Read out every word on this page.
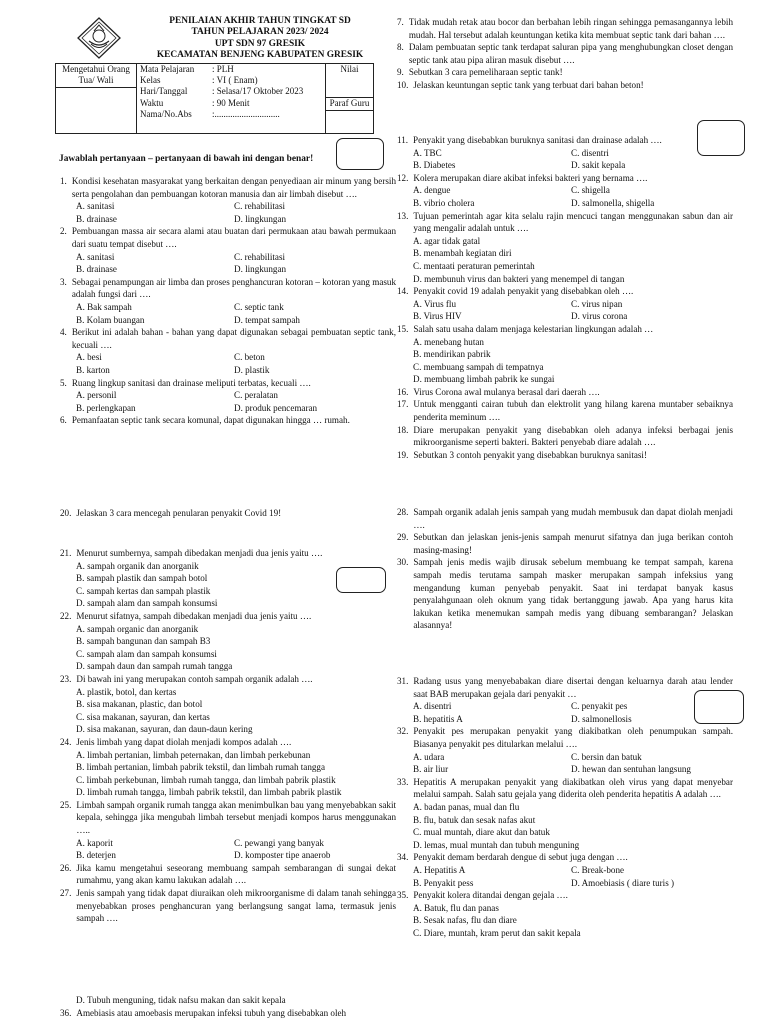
PENILAIAN AKHIR TAHUN TINGKAT SD
TAHUN PELAJARAN 2023/ 2024
UPT SDN 97 GRESIK
KECAMATAN BENJENG KABUPATEN GRESIK
Mengetahui Orang Tua/ Wali

Mata Pelajaran	: PLH
Kelas	: VI ( Enam)
Hari/Tanggal	: Selasa/17 Oktober 2023
Waktu	: 90 Menit
Nama/No.Abs	:.............................

Nilai
Paraf Guru
Jawablah pertanyaan – pertanyaan di bawah ini dengan benar!
1. Kondisi kesehatan masyarakat yang berkaitan dengan penyediaan air minum yang bersih serta pengolahan dan pembuangan kotoran manusia dan air limbah disebut ….
A. sanitasi	C. rehabilitasi
B. drainase	D. lingkungan
2. Pembuangan massa air secara alami atau buatan dari permukaan atau bawah permukaan dari suatu tempat disebut ….
A. sanitasi	C. rehabilitasi
B. drainase	D. lingkungan
3. Sebagai penampungan air limba dan proses penghancuran kotoran – kotoran yang masuk adalah fungsi dari ….
A. Bak sampah	C. septic tank
B. Kolam buangan	D. tempat sampah
4. Berikut ini adalah bahan - bahan yang dapat digunakan sebagai pembuatan septic tank, kecuali ….
A. besi	C. beton
B. karton	D. plastik
5. Ruang lingkup sanitasi dan drainase meliputi terbatas, kecuali ….
A. personil	C. peralatan
B. perlengkapan	D. produk pencemaran
6. Pemanfaatan septic tank secara komunal, dapat digunakan hingga … rumah.
20. Jelaskan 3 cara mencegah penularan penyakit Covid 19!
21. Menurut sumbernya, sampah dibedakan menjadi dua jenis yaitu ….
A. sampah organik dan anorganik
B. sampah plastik dan sampah botol
C. sampah kertas dan sampah plastik
D. sampah alam dan sampah konsumsi
22. Menurut sifatnya, sampah dibedakan menjadi dua jenis yaitu ….
A. sampah organic dan anorganik
B. sampah bangunan dan sampah B3
C. sampah alam dan sampah konsumsi
D. sampah daun dan sampah rumah tangga
23. Di bawah ini yang merupakan contoh sampah organik adalah ….
A. plastik, botol, dan kertas
B. sisa makanan, plastic, dan botol
C. sisa makanan, sayuran, dan kertas
D. sisa makanan, sayuran, dan daun-daun kering
24. Jenis limbah yang dapat diolah menjadi kompos adalah ….
A. limbah pertanian, limbah peternakan, dan limbah perkebunan
B. limbah pertanian, limbah pabrik tekstil, dan limbah rumah tangga
C. limbah perkebunan, limbah rumah tangga, dan limbah pabrik plastik
D. limbah rumah tangga, limbah pabrik tekstil, dan limbah pabrik plastik
25. Limbah sampah organik rumah tangga akan menimbulkan bau yang menyebabkan sakit kepala, sehingga jika mengubah limbah tersebut menjadi kompos harus menggunakan …..
A. kaporit	C. pewangi yang banyak
B. deterjen	D. komposter tipe anaerob
26. Jika kamu mengetahui seseorang membuang sampah sembarangan di sungai dekat rumahmu, yang akan kamu lakukan adalah ….
27. Jenis sampah yang tidak dapat diuraikan oleh mikroorganisme di dalam tanah sehingga menyebabkan proses penghancuran yang berlangsung sangat lama, termasuk jenis sampah ….
7. Tidak mudah retak atau bocor dan berbahan lebih ringan sehingga pemasangannya lebih mudah. Hal tersebut adalah keuntungan ketika kita membuat septic tank dari bahan ….
8. Dalam pembuatan septic tank terdapat saluran pipa yang menghubungkan closet dengan septic tank atau pipa aliran masuk disebut ….
9. Sebutkan 3 cara pemeliharaan septic tank!
10. Jelaskan keuntungan septic tank yang terbuat dari bahan beton!
11. Penyakit yang disebabkan buruknya sanitasi dan drainase adalah ….
A. TBC	C. disentri
B. Diabetes	D. sakit kepala
12. Kolera merupakan diare akibat infeksi bakteri yang bernama ….
A. dengue	C. shigella
B. vibrio cholera	D. salmonella, shigella
13. Tujuan pemerintah agar kita selalu rajin mencuci tangan menggunakan sabun dan air yang mengalir adalah untuk ….
A. agar tidak gatal
B. menambah kegiatan diri
C. mentaati peraturan pemerintah
D. membunuh virus dan bakteri yang menempel di tangan
14. Penyakit covid 19 adalah penyakit yang disebabkan oleh ….
A. Virus flu	C. virus nipan
B. Virus HIV	D. virus corona
15. Salah satu usaha dalam menjaga kelestarian lingkungan adalah …
A. menebang hutan
B. mendirikan pabrik
C. membuang sampah di tempatnya
D. membuang limbah pabrik ke sungai
16. Virus Corona awal mulanya berasal dari daerah ….
17. Untuk mengganti cairan tubuh dan elektrolit yang hilang karena muntaber sebaiknya penderita meminum ….
18. Diare merupakan penyakit yang disebabkan oleh adanya infeksi berbagai jenis mikroorganisme seperti bakteri. Bakteri penyebab diare adalah ….
19. Sebutkan 3 contoh penyakit yang disebabkan buruknya sanitasi!
28. Sampah organik adalah jenis sampah yang mudah membusuk dan dapat diolah menjadi ….
29. Sebutkan dan jelaskan jenis-jenis sampah menurut sifatnya dan juga berikan contoh masing-masing!
30. Sampah jenis medis wajib dirusak sebelum membuang ke tempat sampah, karena sampah medis terutama sampah masker merupakan sampah infeksius yang mengandung kuman penyebab penyakit. Saat ini terdapat banyak kasus penyalahgunaan oleh oknum yang tidak bertanggung jawab. Apa yang harus kita lakukan ketika menemukan sampah medis yang dibuang sembarangan? Jelaskan alasannya!
31. Radang usus yang menyebabakan diare disertai dengan keluarnya darah atau lender saat BAB merupakan gejala dari penyakit …
A. disentri	C. penyakit pes
B. hepatitis A	D. salmonellosis
32. Penyakit pes merupakan penyakit yang diakibatkan oleh penumpukan sampah. Biasanya penyakit pes ditularkan melalui ….
A. udara	C. bersin dan batuk
B. air liur	D. hewan dan sentuhan langsung
33. Hepatitis A merupakan penyakit yang diakibatkan oleh virus yang dapat menyebar melalui sampah. Salah satu gejala yang diderita oleh penderita hepatitis A adalah ….
A. badan panas, mual dan flu
B. flu, batuk dan sesak nafas akut
C. mual muntah, diare akut dan batuk
D. lemas, mual muntah dan tubuh menguning
34. Penyakit demam berdarah dengue di sebut juga dengan ….
A. Hepatitis A	C. Break-bone
B. Penyakit pess	D. Amoebiasis ( diare turis )
35. Penyakit kolera ditandai dengan gejala ….
A. Batuk, flu dan panas
B. Sesak nafas, flu dan diare
C. Diare, muntah, kram perut dan sakit kepala
D. Tubuh menguning, tidak nafsu makan dan sakit kepala
36. Amebiasis atau amoebasis merupakan infeksi tubuh yang disebabkan oleh
